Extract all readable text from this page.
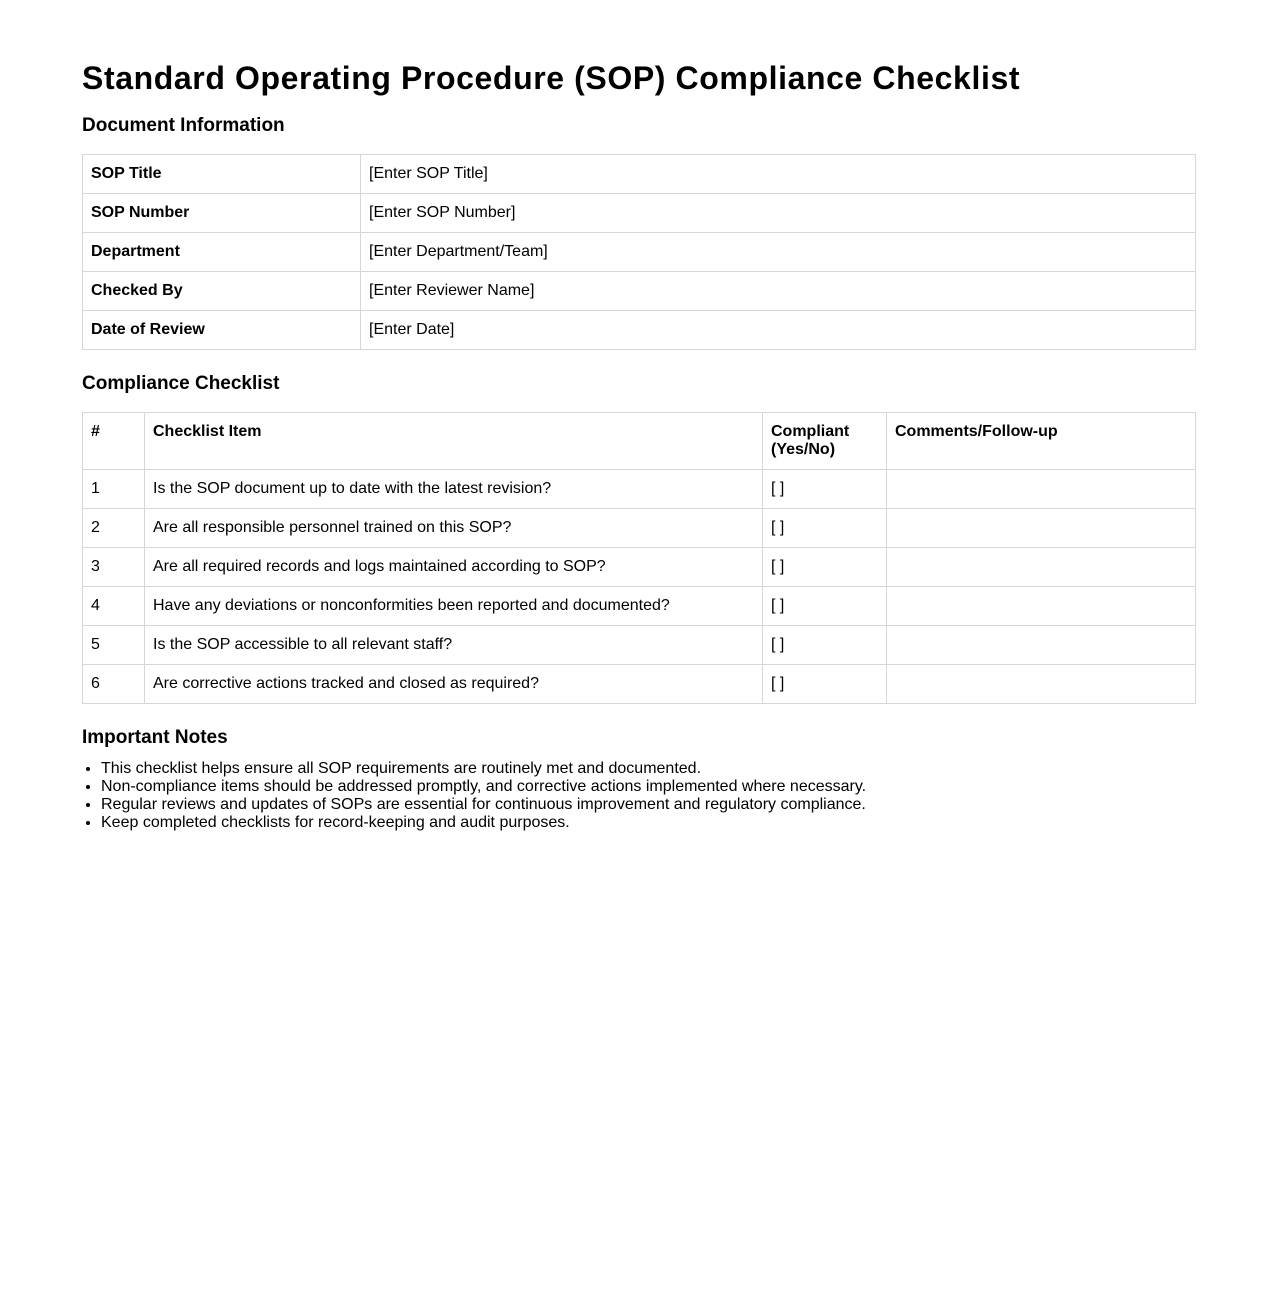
Standard Operating Procedure (SOP) Compliance Checklist
Document Information
SOP Title	[Enter SOP Title]
SOP Number	[Enter SOP Number]
Department	[Enter Department/Team]
Checked By	[Enter Reviewer Name]
Date of Review	[Enter Date]
Compliance Checklist
#	Checklist Item	Compliant (Yes/No)	Comments/Follow-up
1	Is the SOP document up to date with the latest revision?	[ ]	
2	Are all responsible personnel trained on this SOP?	[ ]	
3	Are all required records and logs maintained according to SOP?	[ ]	
4	Have any deviations or nonconformities been reported and documented?	[ ]	
5	Is the SOP accessible to all relevant staff?	[ ]	
6	Are corrective actions tracked and closed as required?	[ ]	
Important Notes
• This checklist helps ensure all SOP requirements are routinely met and documented.
• Non-compliance items should be addressed promptly, and corrective actions implemented where necessary.
• Regular reviews and updates of SOPs are essential for continuous improvement and regulatory compliance.
• Keep completed checklists for record-keeping and audit purposes.
